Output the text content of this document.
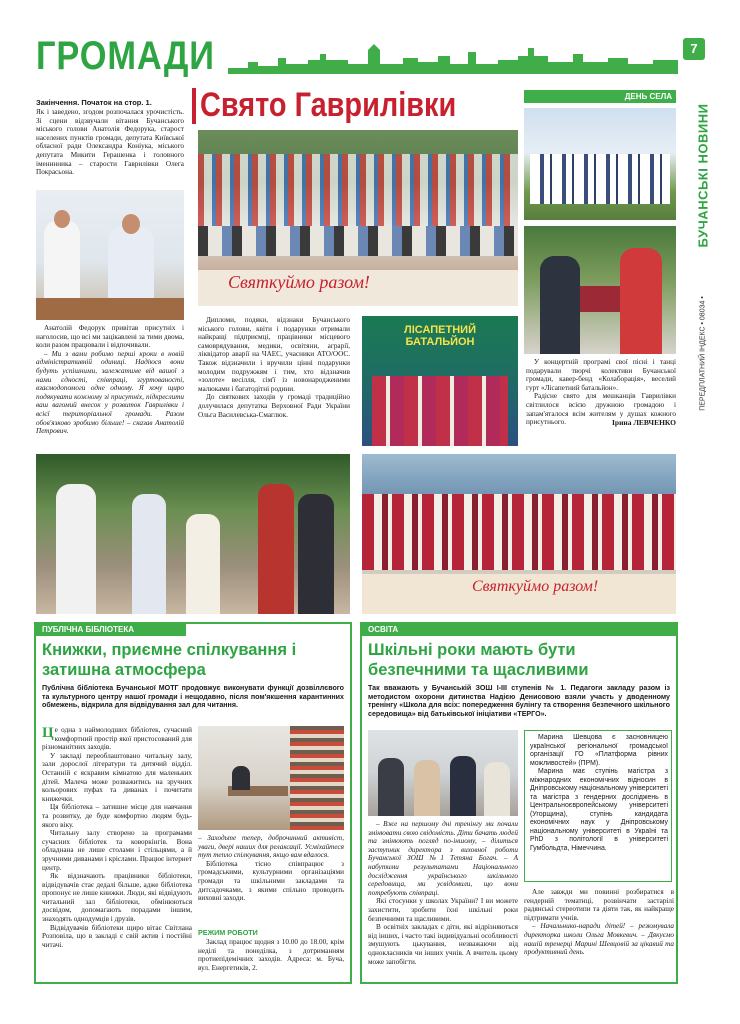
ГРОМАДИ	7
БУЧАНСЬКІ НОВИНИ
ПЕРЕДПЛАТНИЙ ІНДЕКС • 08034 •
Свято Гаврилівки
Закінчення. Початок на стор. 1.

Як і заведено, згодом розпочалася урочистість. Зі сцени відзвучали вітання Бучанського міського голови Анатолія Федорука, старост населених пунктів громади, депутата Київської обласної ради Олександра Коніука, міського депутата Микити Герашенка і головного іменинника – старости Гаврилівки Олега Покрасьона.

Анатолій Федорук привітав присутніх і наголосив, що всі ми зацікавлені за тими двома, коли разом працювали і відпочивали.

– Ми з вами робимо перші кроки в новій адміністративній одиниці. Надіюся вони будуть успішними, залежатиме від вашої з нами єдності, співпраці, згуртованості, взаємодопомоги одне одному. Я хочу щиро подякувати кожному зі присутніх, підкреслити ваш вагомий внесок у розвиток Гаврилівки і всієї територіальної громади. Разом обов'язково зробимо більше! – сказав Анатолій Петрович.

Святкуймо разом!

Дипломи, подяки, відзнаки Бучанського міського голови, квіти і подарунки отримали найкращі підприємці, працівники місцевого самоврядування, медики, освітяни, аграрії, ліквідатор аварії на ЧАЕС, учасники АТО/ООС. Також відзначили і вручили цінні подарунки молодим подружжям і тим, хто відзначив «золоте» весілля, сім'ї із новонародженими малюками і багатодітні родини.

До святкових заходів у громаді традиційно долучилася депутатка Верховної Ради України Ольга Василевська-Смаглюк.

ЛІСАПЕТНИЙ БАТАЛЬЙОН
ДЕНЬ СЕЛА

У концертній програмі свої пісні і танці подарували творчі колективи Бучанської громади, кавер-бенд «Колаборація», веселий гурт «Лісапетний батальйон».

Радісне свято для мешканців Гаврилівки світлилося всією дружною громадою і запам'яталося всім жителям у душах кожного присутнього.	Ірина ЛЕВЧЕНКО
Святкуймо разом!
ПУБЛІЧНА БІБЛІОТЕКА
Книжки, приємне спілкування і затишна атмосфера
Публічна бібліотека Бучанської МОТГ продовжує виконувати функції дозвіллєвого та культурного центру нашої громади і нещодавно, після пом'якшення карантинних обмежень, відкрила для відвідування зал для читання.

Це одна з наймолодших бібліотек, сучасний комфортний простір якої пристосований для різноманітних заходів.

У закладі переоблаштовано читальну залу, зали дорослої літератури та дитячий відділ. Останній є яскравим кімнатою для маленьких дітей. Малеча може розважитись на зручних кольорових пуфах та диванах і почитати книжечки.

Ця бібліотека – затишне місце для навчання та розвитку, де буде комфортно людям будь-якого віку.

Читальну залу створено за програмами сучасних бібліотек та коворкінгів. Вона обладнана не лише столами і стільцями, а й зручними диванами і кріслами. Працює інтернет центр.

Як відзначають працівники бібліотеки, відвідувачів стає дедалі більше, адже бібліотека пропонує не лише книжки. Люди, які відвідують читальний зал бібліотеки, обмінюються досвідом, допомагають порадами іншим, знаходять однодумців і друзів.

Відвідувачів бібліотеки щиро вітає Світлана Розповіла, що в закладі є свій актив і постійні читачі.

– Заходьте тепер, доброчинний активіст, уваги, двері наших для релаксації. Усміхайтеся тут тепло спілкування, якщо вам вдалося.

Бібліотека тісно співпрацює з громадськими, культурними організаціями громади та шкільними закладами та дитсадочками, з якими спільно проводить виховні заходи.

РЕЖИМ РОБОТИ

Заклад працює щодня з 10.00 до 18.00, крім неділі та понеділка, з дотриманням протиепідемічних заходів. Адреса: м. Буча, вул. Енергетиків, 2.

ОСВІТА
Шкільні роки мають бути безпечними та щасливими
Так вважають у Бучанській ЗОШ І-ІІІ ступенів № 1. Педагоги закладу разом із методистом охорони дитинства Надією Денисовою взяли участь у дводенному тренінгу «Школа для всіх: попередження булінгу та створення безпечного шкільного середовища» від батьківської ініціативи «ТЕРГО».

– Вже на першому дні тренінгу ми почали змінювати свою свідомість. Діти бачать людей та змінюють погляд по-іншому, – ділиться заступник директора з виховної роботи Бучанської ЗОШ №1 Тетяна Богач. – А набутими результатами Національного дослідження українського шкільного середовища, ми усвідомили, що вони потребують співпраці.

Які стосунки у школах України? І ви можете захистити, зробити їхні шкільні роки безпечними та щасливими.

В освітніх закладах є діти, які відрізняються від інших, і часто такі індивідуальні особливості змушують цькування, незважаючи від однокласників чи інших учнів. А вчитель цьому може запобігти.

Марина Шевцова є засновницею української регіональної громадської організації ГО «Платформа рівних можливостей» (ПРМ).

Марина має ступінь магістра з міжнародних економічних відносин в Дніпровському національному університеті та магістра з гендерних досліджень в Центральноєвропейському університеті (Угорщина), ступінь кандидата економічних наук у Дніпровському національному університеті в Україні та PhD з політології в університеті Гумбольдта, Німеччина.

Але завжди ми повинні розбиратися в гендерній тематиці, розвінчати застарілі радянські стереотипи та діяти так, як найкраще підтримати учнів.

– Начальнико-наради дітей! – резюмувала директорка школи Ольга Мовкевич. – Дякуємо нашій тренерці Марині Шевцовій за цікавий та продуктивний день.
